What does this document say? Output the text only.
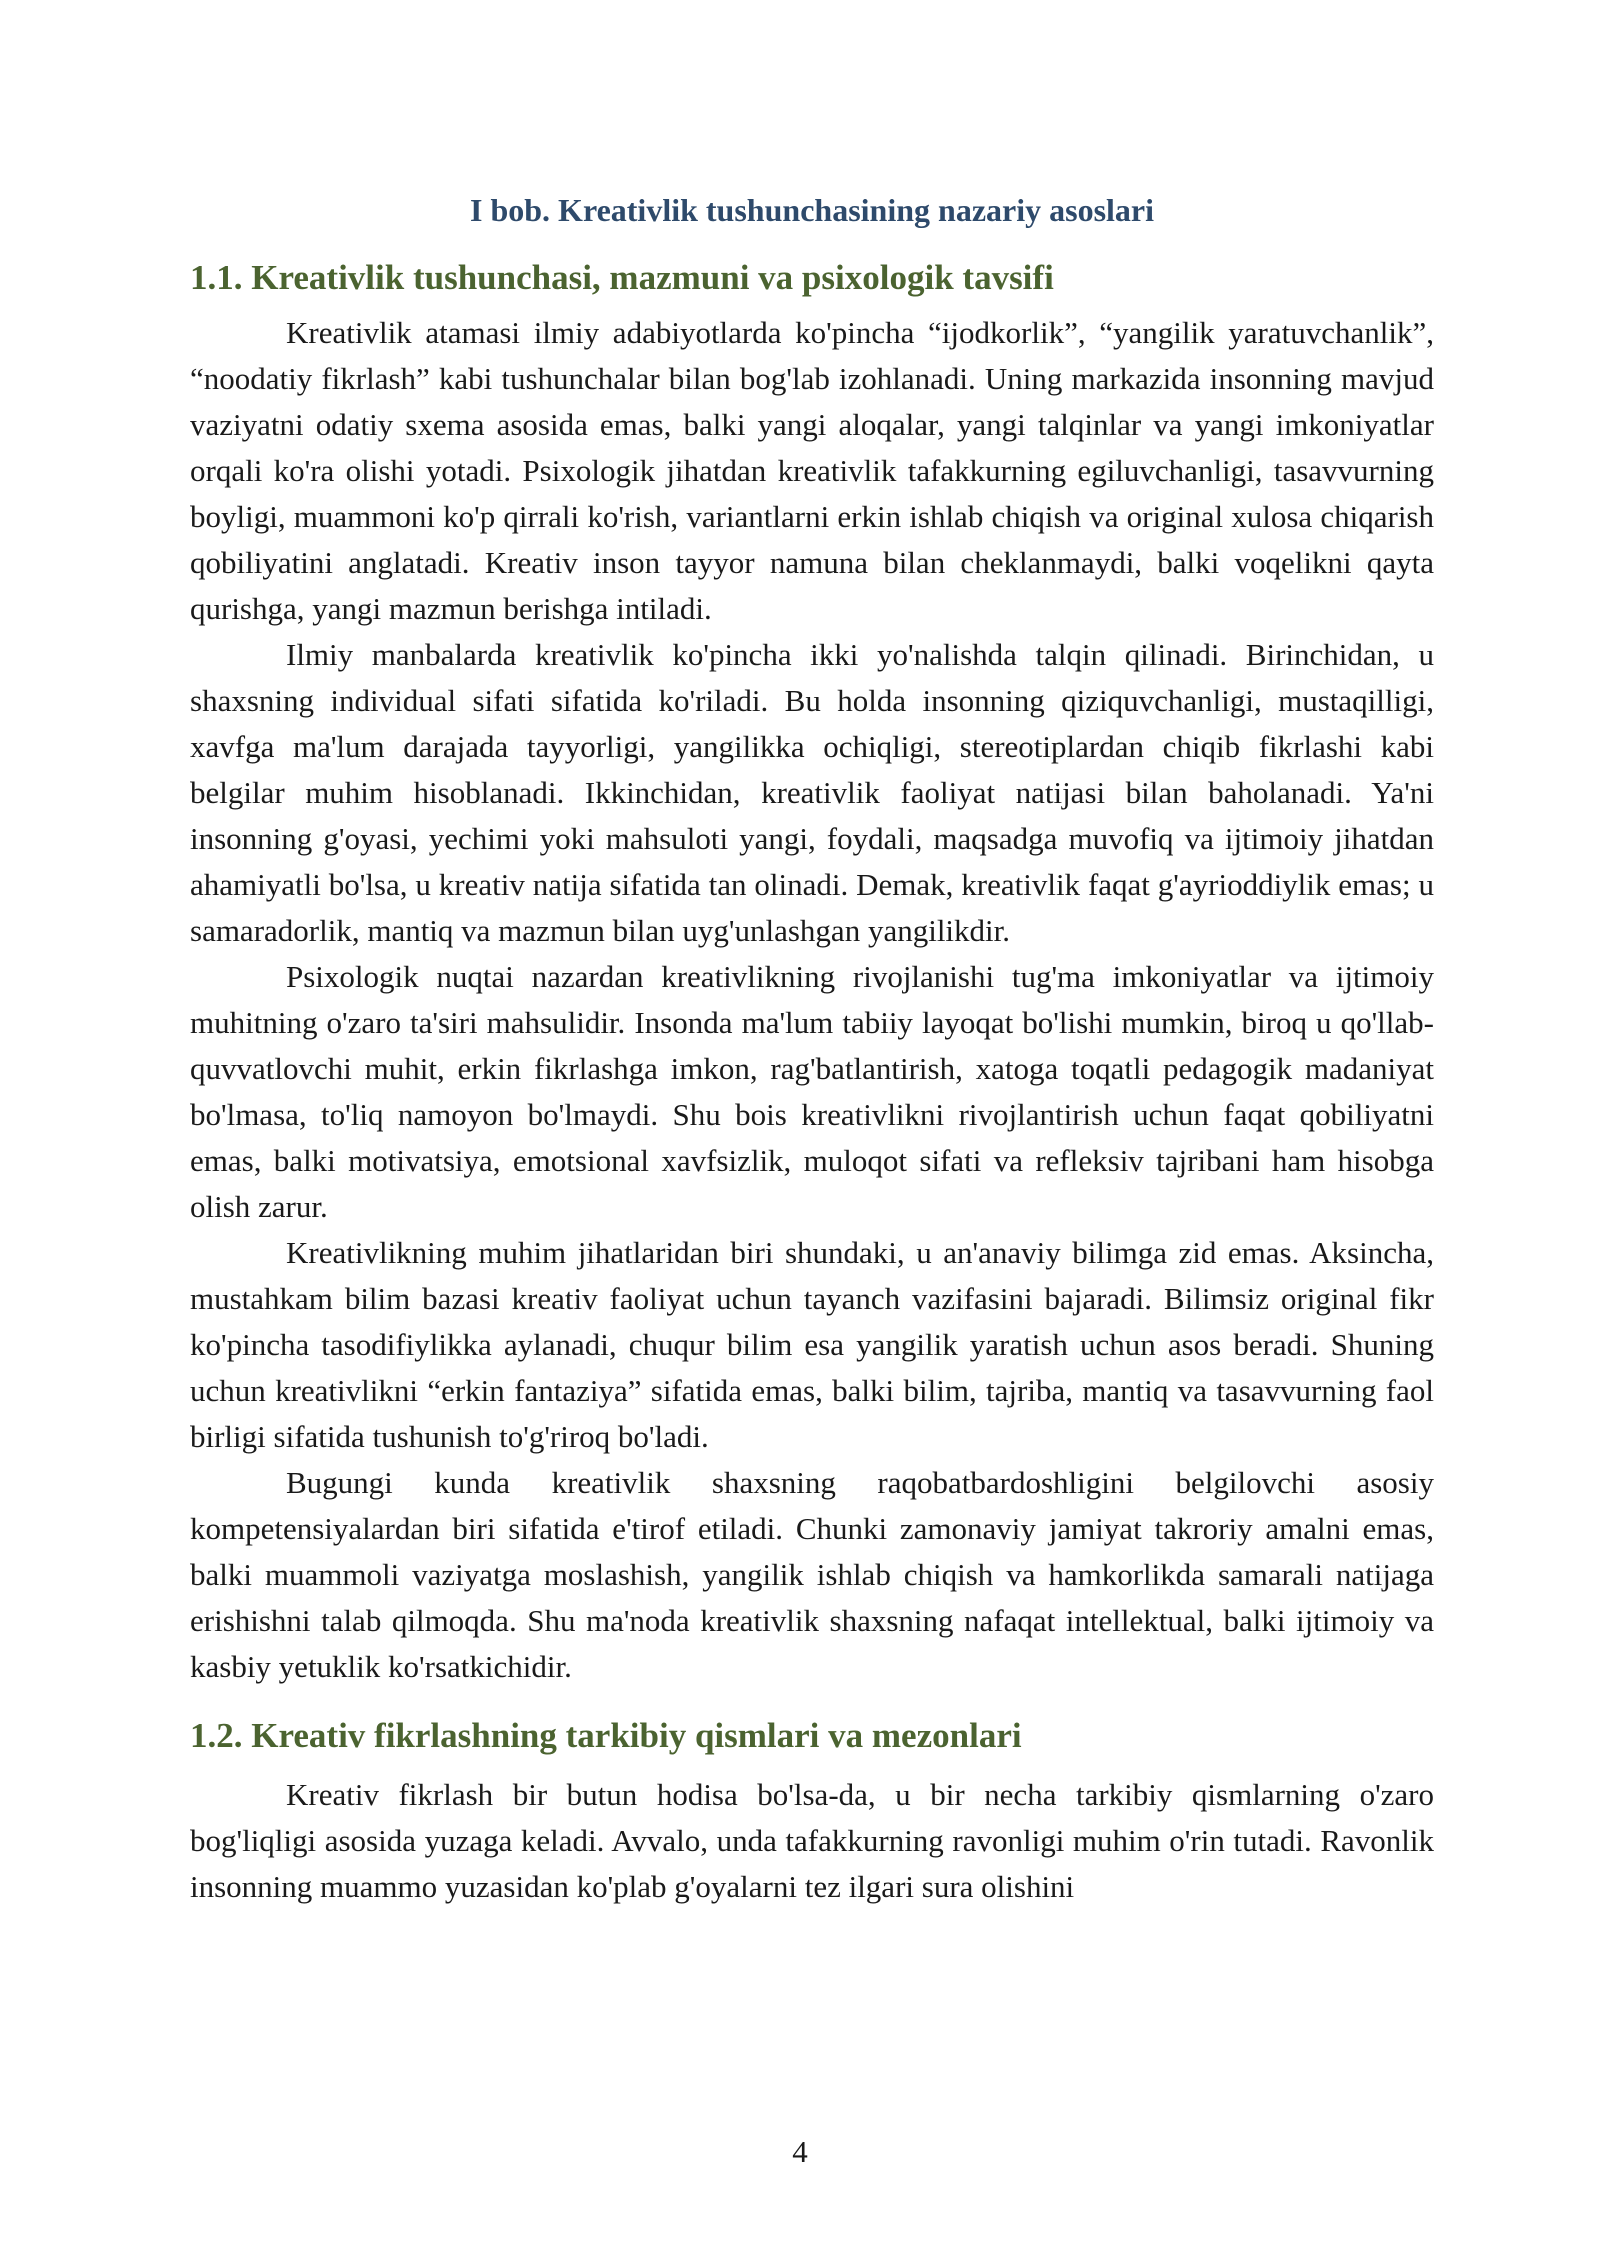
I bob. Kreativlik tushunchasining nazariy asoslari
1.1. Kreativlik tushunchasi, mazmuni va psixologik tavsifi

Kreativlik atamasi ilmiy adabiyotlarda ko'pincha “ijodkorlik”, “yangilik yaratuvchanlik”, “noodatiy fikrlash” kabi tushunchalar bilan bog'lab izohlanadi. Uning markazida insonning mavjud vaziyatni odatiy sxema asosida emas, balki yangi aloqalar, yangi talqinlar va yangi imkoniyatlar orqali ko'ra olishi yotadi. Psixologik jihatdan kreativlik tafakkurning egiluvchanligi, tasavvurning boyligi, muammoni ko'p qirrali ko'rish, variantlarni erkin ishlab chiqish va original xulosa chiqarish qobiliyatini anglatadi. Kreativ inson tayyor namuna bilan cheklanmaydi, balki voqelikni qayta qurishga, yangi mazmun berishga intiladi.

Ilmiy manbalarda kreativlik ko'pincha ikki yo'nalishda talqin qilinadi. Birinchidan, u shaxsning individual sifati sifatida ko'riladi. Bu holda insonning qiziquvchanligi, mustaqilligi, xavfga ma'lum darajada tayyorligi, yangilikka ochiqligi, stereotiplardan chiqib fikrlashi kabi belgilar muhim hisoblanadi. Ikkinchidan, kreativlik faoliyat natijasi bilan baholanadi. Ya'ni insonning g'oyasi, yechimi yoki mahsuloti yangi, foydali, maqsadga muvofiq va ijtimoiy jihatdan ahamiyatli bo'lsa, u kreativ natija sifatida tan olinadi. Demak, kreativlik faqat g'ayrioddiylik emas; u samaradorlik, mantiq va mazmun bilan uyg'unlashgan yangilikdir.

Psixologik nuqtai nazardan kreativlikning rivojlanishi tug'ma imkoniyatlar va ijtimoiy muhitning o'zaro ta'siri mahsulidir. Insonda ma'lum tabiiy layoqat bo'lishi mumkin, biroq u qo'llab-quvvatlovchi muhit, erkin fikrlashga imkon, rag'batlantirish, xatoga toqatli pedagogik madaniyat bo'lmasa, to'liq namoyon bo'lmaydi. Shu bois kreativlikni rivojlantirish uchun faqat qobiliyatni emas, balki motivatsiya, emotsional xavfsizlik, muloqot sifati va refleksiv tajribani ham hisobga olish zarur.

Kreativlikning muhim jihatlaridan biri shundaki, u an'anaviy bilimga zid emas. Aksincha, mustahkam bilim bazasi kreativ faoliyat uchun tayanch vazifasini bajaradi. Bilimsiz original fikr ko'pincha tasodifiylikka aylanadi, chuqur bilim esa yangilik yaratish uchun asos beradi. Shuning uchun kreativlikni “erkin fantaziya” sifatida emas, balki bilim, tajriba, mantiq va tasavvurning faol birligi sifatida tushunish to'g'riroq bo'ladi.

Bugungi kunda kreativlik shaxsning raqobatbardoshligini belgilovchi asosiy kompetensiyalardan biri sifatida e'tirof etiladi. Chunki zamonaviy jamiyat takroriy amalni emas, balki muammoli vaziyatga moslashish, yangilik ishlab chiqish va hamkorlikda samarali natijaga erishishni talab qilmoqda. Shu ma'noda kreativlik shaxsning nafaqat intellektual, balki ijtimoiy va kasbiy yetuklik ko'rsatkichidir.

1.2. Kreativ fikrlashning tarkibiy qismlari va mezonlari

Kreativ fikrlash bir butun hodisa bo'lsa-da, u bir necha tarkibiy qismlarning o'zaro bog'liqligi asosida yuzaga keladi. Avvalo, unda tafakkurning ravonligi muhim o'rin tutadi. Ravonlik insonning muammo yuzasidan ko'plab g'oyalarni tez ilgari sura olishini

4
